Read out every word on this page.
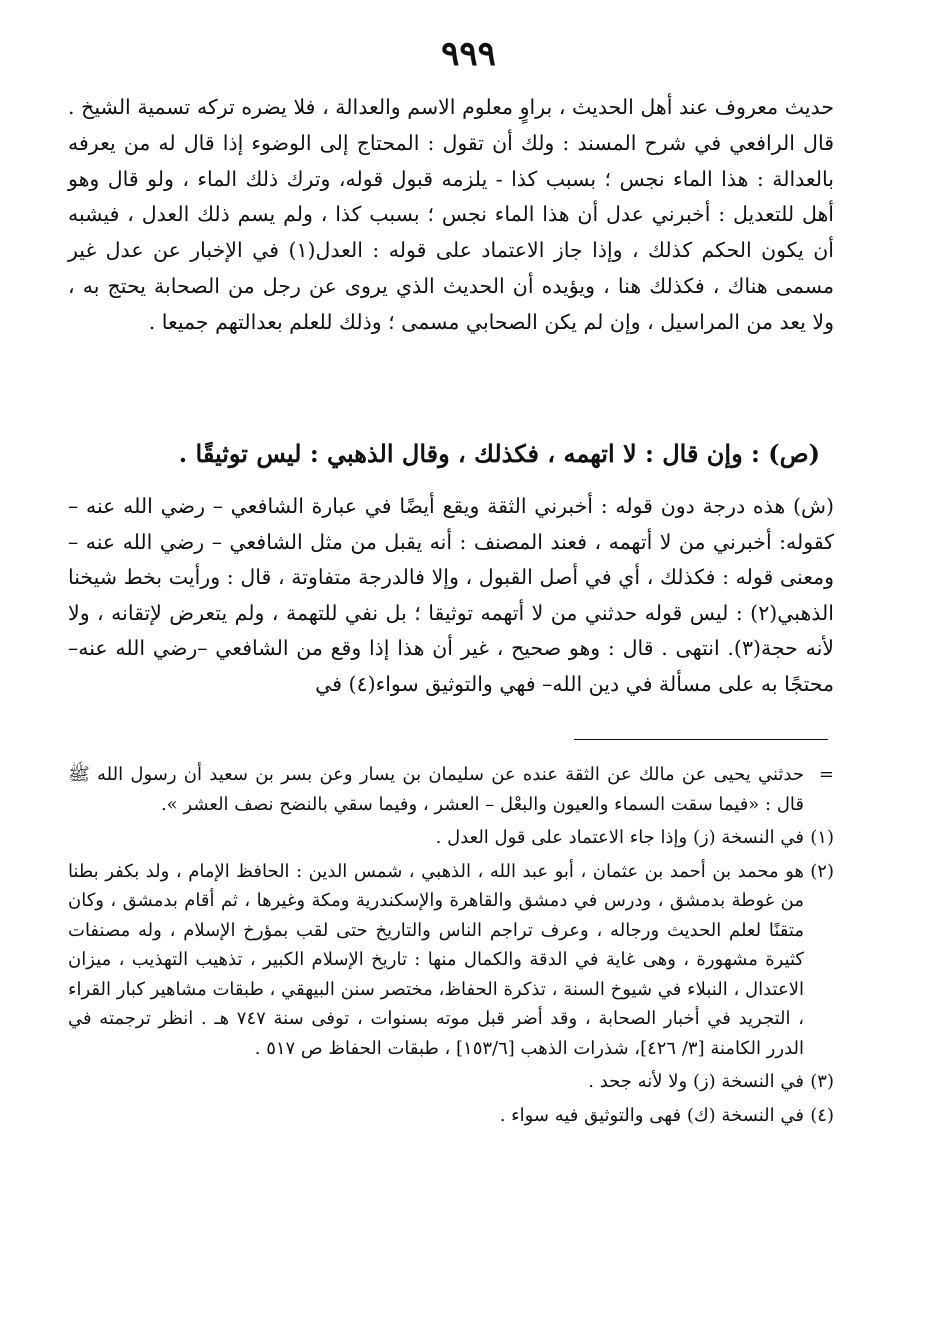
٩٩٩

حديث معروف عند أهل الحديث ، براوٍ معلوم الاسم والعدالة ، فلا يضره تركه تسمية الشيخ . قال الرافعي في شرح المسند : ولك أن تقول : المحتاج إلى الوضوء إذا قال له من يعرفه بالعدالة : هذا الماء نجس ؛ بسبب كذا - يلزمه قبول قوله، وترك ذلك الماء ، ولو قال وهو أهل للتعديل : أخبرني عدل أن هذا الماء نجس ؛ بسبب كذا ، ولم يسم ذلك العدل ، فيشبه أن يكون الحكم كذلك ، وإذا جاز الاعتماد على قوله : العدل(١) في الإخبار عن عدل غير مسمى هناك ، فكذلك هنا ، ويؤيده أن الحديث الذي يروى عن رجل من الصحابة يحتج به ، ولا يعد من المراسيل ، وإن لم يكن الصحابي مسمى ؛ وذلك للعلم بعدالتهم جميعا .

(ص) : وإن قال : لا اتهمه ، فكذلك ، وقال الذهبي : ليس توثيقًا .

(ش) هذه درجة دون قوله : أخبرني الثقة ويقع أيضًا في عبارة الشافعي – رضي الله عنه – كقوله: أخبرني من لا أتهمه ، فعند المصنف : أنه يقبل من مثل الشافعي – رضي الله عنه – ومعنى قوله : فكذلك ، أي في أصل القبول ، وإلا فالدرجة متفاوتة ، قال : ورأيت بخط شيخنا الذهبي(٢) : ليس قوله حدثني من لا أتهمه توثيقا ؛ بل نفي للتهمة ، ولم يتعرض لإتقانه ، ولا لأنه حجة(٣). انتهى . قال : وهو صحيح ، غير أن هذا إذا وقع من الشافعي –رضي الله عنه– محتجًا به على مسألة في دين الله– فهي والتوثيق سواء(٤) في

=

حدثني يحيى عن مالك عن الثقة عنده عن سليمان بن يسار وعن بسر بن سعيد أن رسول الله ﷺ قال : «فيما سقت السماء والعيون والبعْل – العشر ، وفيما سقي بالنضح نصف العشر ».

(١)

في النسخة (ز) وإذا جاء الاعتماد على قول العدل .

(٢)

هو محمد بن أحمد بن عثمان ، أبو عبد الله ، الذهبي ، شمس الدين : الحافظ الإمام ، ولد بكفر بطنا من غوطة بدمشق ، ودرس في دمشق والقاهرة والإسكندرية ومكة وغيرها ، ثم أقام بدمشق ، وكان متقنًا لعلم الحديث ورجاله ، وعرف تراجم الناس والتاريخ حتى لقب بمؤرخ الإسلام ، وله مصنفات كثيرة مشهورة ، وهى غاية في الدقة والكمال منها : تاريخ الإسلام الكبير ، تذهيب التهذيب ، ميزان الاعتدال ، النبلاء في شيوخ السنة ، تذكرة الحفاظ، مختصر سنن البيهقي ، طبقات مشاهير كبار القراء ، التجريد في أخبار الصحابة ، وقد أضر قبل موته بسنوات ، توفى سنة ٧٤٧ هـ . انظر ترجمته في الدرر الكامنة [٣/ ٤٢٦]، شذرات الذهب [١٥٣/٦] ، طبقات الحفاظ ص ٥١٧ .

(٣)

في النسخة (ز) ولا لأنه جحد .

(٤)

في النسخة (ك) فهى والتوثيق فيه سواء .
